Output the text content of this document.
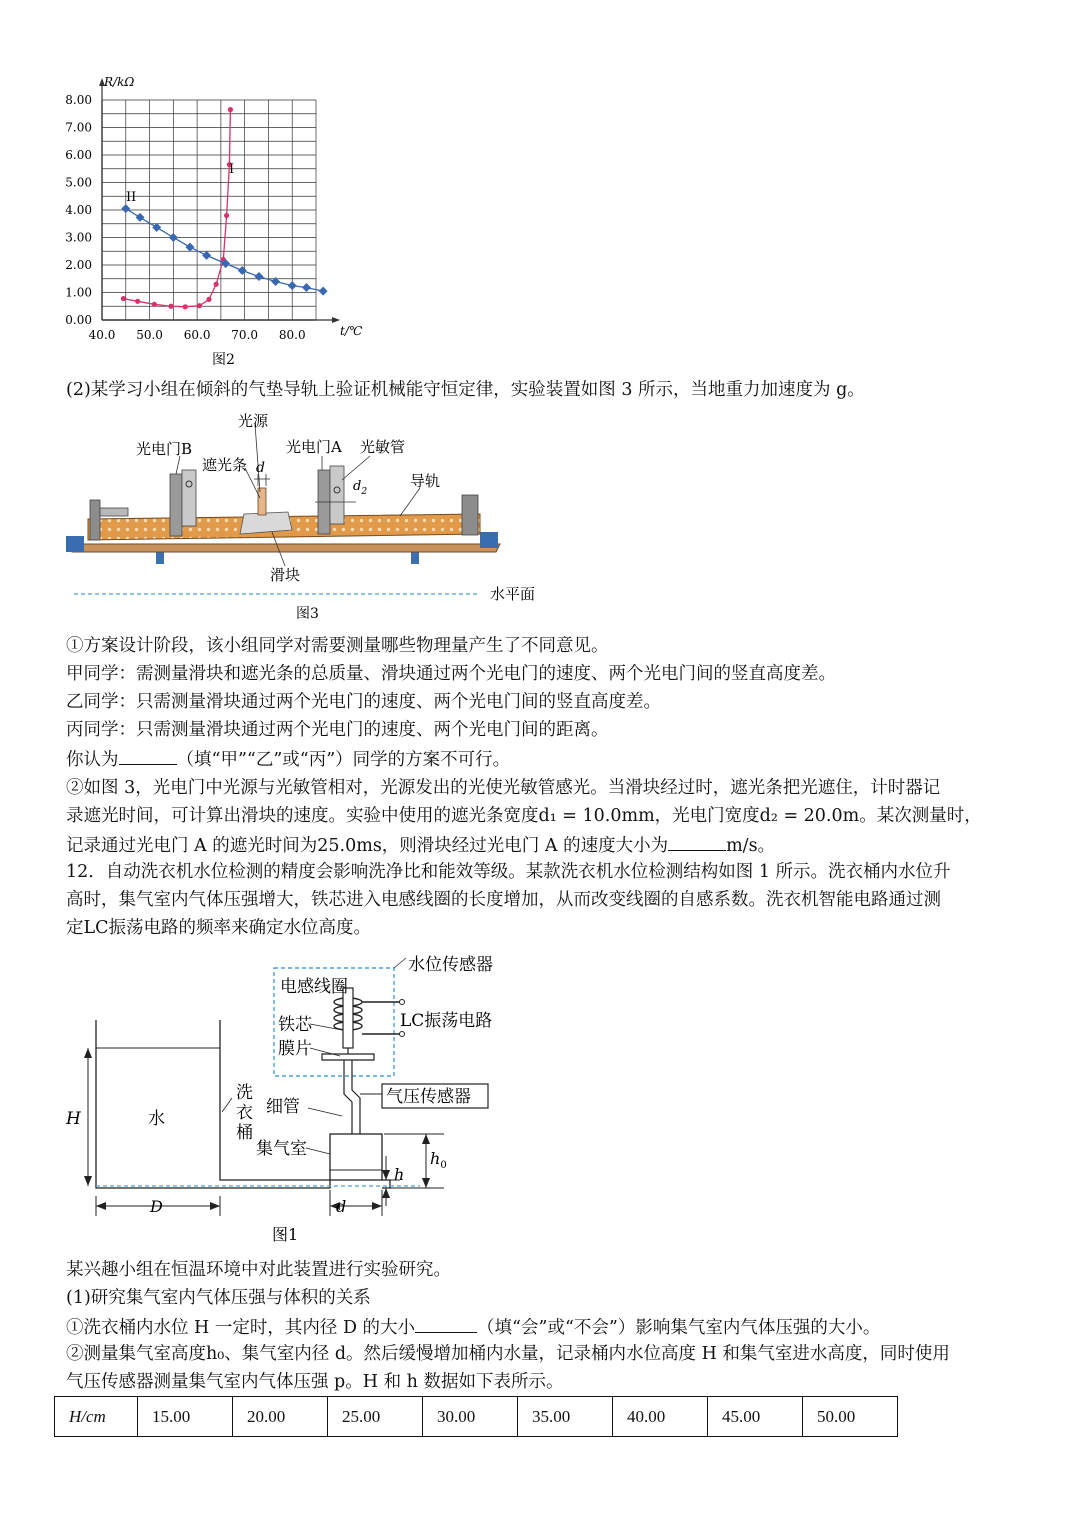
0.00
1.00
2.00
3.00
4.00
5.00
6.00
7.00
8.00
40.0 50.0 60.0 70.0 80.0
R/kΩ
t/℃
II
I
图2
(2)某学习小组在倾斜的气垫导轨上验证机械能守恒定律，实验装置如图 3 所示，当地重力加速度为 g。
光源
光电门B
遮光条 d
光电门A 光敏管
$d_2$
导轨
滑块
水平面
图3
①方案设计阶段，该小组同学对需要测量哪些物理量产生了不同意见。
甲同学：需测量滑块和遮光条的总质量、滑块通过两个光电门的速度、两个光电门间的竖直高度差。
乙同学：只需测量滑块通过两个光电门的速度、两个光电门间的竖直高度差。
丙同学：只需测量滑块通过两个光电门的速度、两个光电门间的距离。
你认为	（填“甲”“乙”或“丙”）同学的方案不可行。
②如图 3，光电门中光源与光敏管相对，光源发出的光使光敏管感光。当滑块经过时，遮光条把光遮住，计时器记
录遮光时间，可计算出滑块的速度。实验中使用的遮光条宽度d₁ = 10.0mm，光电门宽度d₂ = 20.0m。某次测量时，
记录通过光电门 A 的遮光时间为25.0ms，则滑块经过光电门 A 的速度大小为	m/s。
12．自动洗衣机水位检测的精度会影响洗净比和能效等级。某款洗衣机水位检测结构如图 1 所示。洗衣桶内水位升
高时，集气室内气体压强增大，铁芯进入电感线圈的长度增加，从而改变线圈的自感系数。洗衣机智能电路通过测
定LC振荡电路的频率来确定水位高度。
水位传感器
电感线圈
LC振荡电路
铁芯
膜片
气压传感器
细管
集气室
水
洗
衣
桶
H
D	d
h
$h_0$
图1
某兴趣小组在恒温环境中对此装置进行实验研究。
(1)研究集气室内气体压强与体积的关系
①洗衣桶内水位 H 一定时，其内径 D 的大小	（填“会”或“不会”）影响集气室内气体压强的大小。
②测量集气室高度h₀、集气室内径 d。然后缓慢增加桶内水量，记录桶内水位高度 H 和集气室进水高度，同时使用
气压传感器测量集气室内气体压强 p。H 和 h 数据如下表所示。
H/cm	15.00	20.00	25.00	30.00	35.00	40.00	45.00	50.00
